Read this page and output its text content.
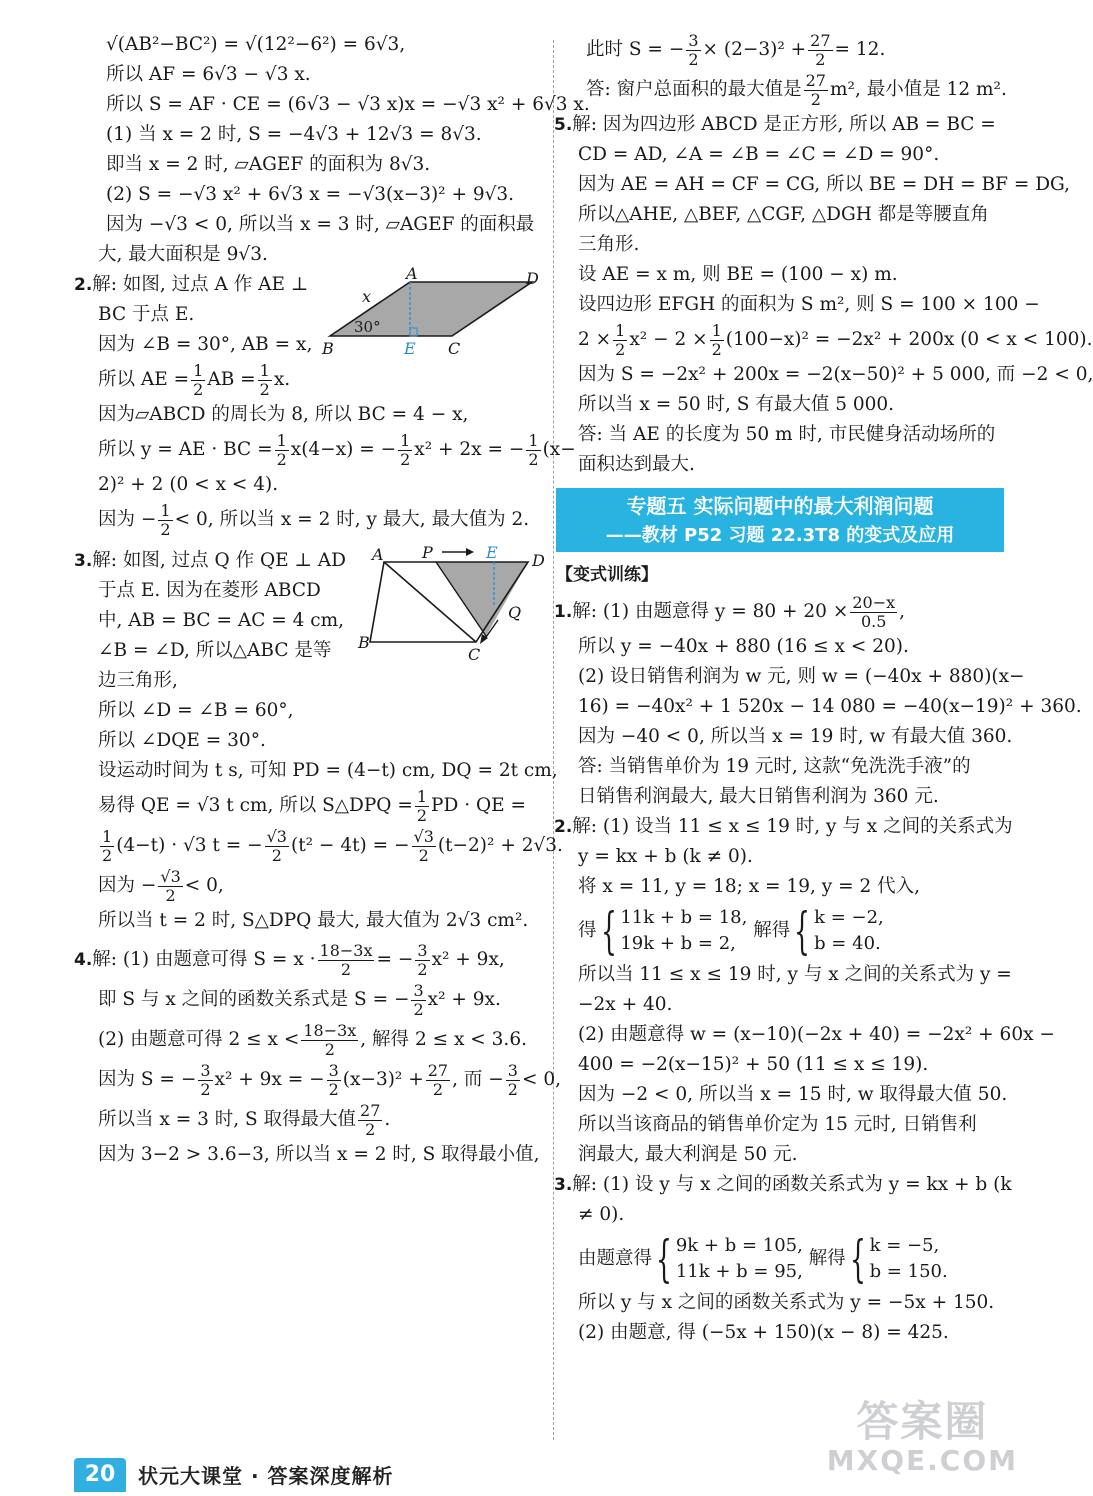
√(AB²−BC²) = √(12²−6²) = 6√3,

所以 AF = 6√3 − √3 x.

所以 S = AF · CE = (6√3 − √3 x)x = −√3 x² + 6√3 x.

(1) 当 x = 2 时, S = −4√3 + 12√3 = 8√3.

即当 x = 2 时, ▱AGEF 的面积为 8√3.

(2) S = −√3 x² + 6√3 x = −√3(x−3)² + 9√3.

因为 −√3 < 0, 所以当 x = 3 时, ▱AGEF 的面积最

大, 最大面积是 9√3.

2.解: 如图, 过点 A 作 AE ⊥

BC 于点 E.

因为 ∠B = 30°, AB = x,

所以 AE = $\frac{1}{2}$ AB = $\frac{1}{2} x$.

因为▱ABCD 的周长为 8, 所以 BC = 4 − x,

所以 y = AE · BC = $\frac{1}{2} x(4-x)$ = − $\frac{1}{2} x^2 + 2x$ = − $\frac{1}{2} (x-$

2)² + 2 (0 < x < 4).

因为 − $\frac{1}{2} < 0$, 所以当 x = 2 时, y 最大, 最大值为 2.

A	D
B	E C
x
30°

3.解: 如图, 过点 Q 作 QE ⊥ AD

于点 E. 因为在菱形 ABCD

中, AB = BC = AC = 4 cm,

∠B = ∠D, 所以△ABC 是等

边三角形,

所以 ∠D = ∠B = 60°,

所以 ∠DQE = 30°.

设运动时间为 t s, 可知 PD = (4−t) cm, DQ = 2t cm,

易得 QE = √3 t cm, 所以 S△DPQ = $\frac{1}{2}$ PD · QE =

$\frac{1}{2} (4-t) \cdot √3$ t = − $\frac{√3}{2} (t^2 - 4t)$ = − $\frac{√3}{2} (t-2)^2 + 2√3$.

因为 − $\frac{√3}{2} < 0$,

所以当 t = 2 时, S△DPQ 最大, 最大值为 2√3 cm².

A P	E D
Q
B
C

4.解: (1) 由题意可得 $S = x \cdot \frac{18-3x}{2}$ = − $\frac{3}{2} x^2 + 9x$,

即 S 与 x 之间的函数关系式是 S = − $\frac{3}{2} x^2 + 9x$.

(2) 由题意可得 $2 \le x < \frac{18-3x}{2}$ , 解得 2 ≤ x < 3.6.

因为 S = − $\frac{3}{2} x^2 + 9x$ = − $\frac{3}{2} (x-3)^2 + \frac{27}{2}$ , 而 − $\frac{3}{2} < 0$,

所以当 x = 3 时, S 取得最大值 $\frac{27}{2}$ .

因为 3−2 > 3.6−3, 所以当 x = 2 时, S 取得最小值,

此时 S = − $\frac{3}{2} \times (2-3)^2 + \frac{27}{2} = 12$.

答: 窗户总面积的最大值是 $\frac{27}{2} m^2$, 最小值是 12 m².

5.解: 因为四边形 ABCD 是正方形, 所以 AB = BC =

CD = AD, ∠A = ∠B = ∠C = ∠D = 90°.

因为 AE = AH = CF = CG, 所以 BE = DH = BF = DG,

所以△AHE, △BEF, △CGF, △DGH 都是等腰直角

三角形.

设 AE = x m, 则 BE = (100 − x) m.

设四边形 EFGH 的面积为 S m², 则 S = 100 × 100 −

$2 \times \frac{1}{2} x^2 - 2 \times \frac{1}{2} (100-x)^2 = -2x^2 + 200x$ (0 < x < 100).

因为 S = −2x² + 200x = −2(x−50)² + 5 000, 而 −2 < 0,

所以当 x = 50 时, S 有最大值 5 000.

答: 当 AE 的长度为 50 m 时, 市民健身活动场所的

面积达到最大.

专题五 实际问题中的最大利润问题
——教材 P52 习题 22.3T8 的变式及应用
【变式训练】

1.解: (1) 由题意得 $y = 80 + 20 \times \frac{20-x}{0.5}$ ,

所以 y = −40x + 880 (16 ≤ x < 20).

(2) 设日销售利润为 w 元, 则 w = (−40x + 880)(x−

16) = −40x² + 1 520x − 14 080 = −40(x−19)² + 360.

因为 −40 < 0, 所以当 x = 19 时, w 有最大值 360.

答: 当销售单价为 19 元时, 这款“免洗洗手液”的

日销售利润最大, 最大日销售利润为 360 元.

2.解: (1) 设当 11 ≤ x ≤ 19 时, y 与 x 之间的关系式为

y = kx + b (k ≠ 0).

将 x = 11, y = 18; x = 19, y = 2 代入,

得{ 11k + b = 18,
19k + b = 2,
解得{ k = −2,
b = 40.

所以当 11 ≤ x ≤ 19 时, y 与 x 之间的关系式为 y =

−2x + 40.

(2) 由题意得 w = (x−10)(−2x + 40) = −2x² + 60x −

400 = −2(x−15)² + 50 (11 ≤ x ≤ 19).

因为 −2 < 0, 所以当 x = 15 时, w 取得最大值 50.

所以当该商品的销售单价定为 15 元时, 日销售利

润最大, 最大利润是 50 元.

3.解: (1) 设 y 与 x 之间的函数关系式为 y = kx + b (k

≠ 0).

由题意得{ 9k + b = 105,
11k + b = 95,
解得{ k = −5,
b = 150.

所以 y 与 x 之间的函数关系式为 y = −5x + 150.

(2) 由题意, 得 (−5x + 150)(x − 8) = 425.

20	状元大课堂 · 答案深度解析
答案圈
MXQE.COM
